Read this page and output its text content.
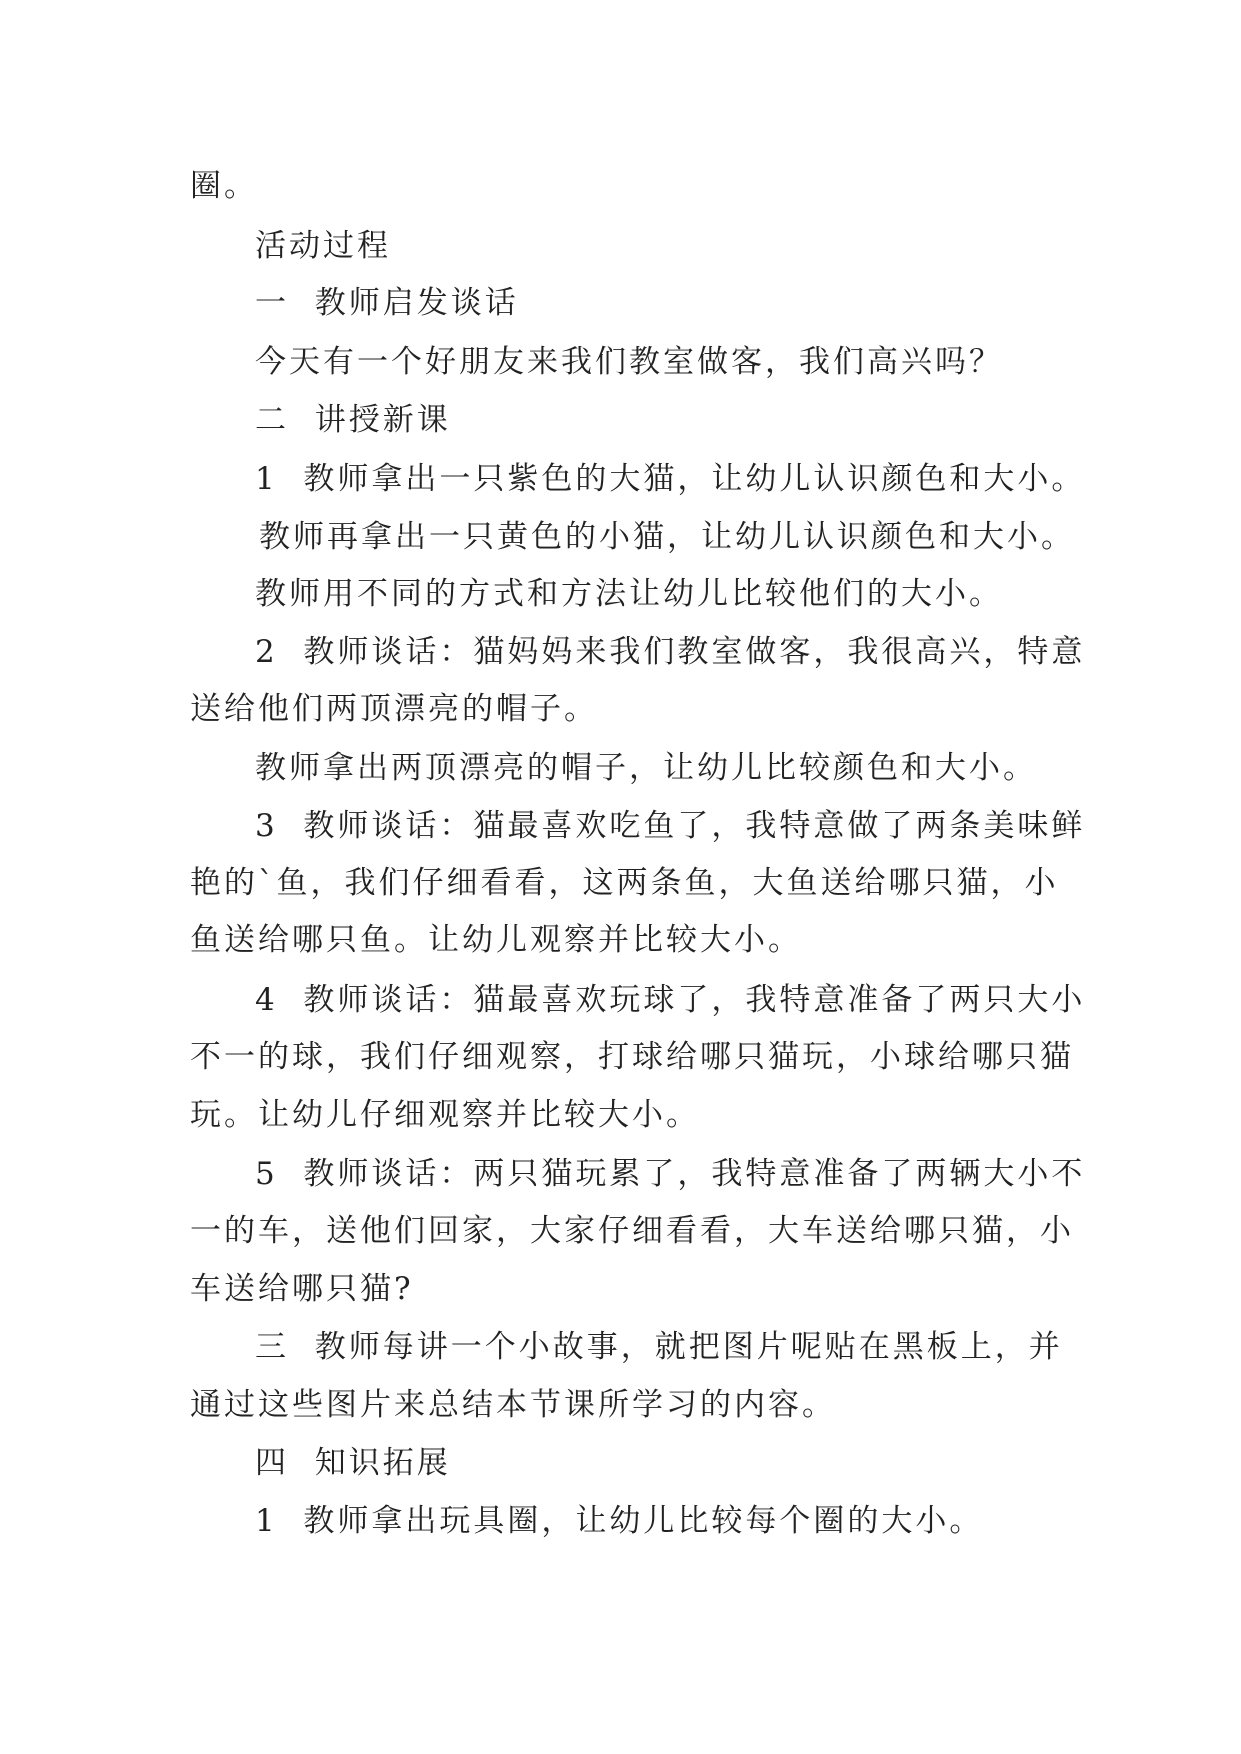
圈。
活动过程
一  教师启发谈话
今天有一个好朋友来我们教室做客，我们高兴吗？
二  讲授新课
1  教师拿出一只紫色的大猫，让幼儿认识颜色和大小。
教师再拿出一只黄色的小猫，让幼儿认识颜色和大小。
教师用不同的方式和方法让幼儿比较他们的大小。
2  教师谈话：猫妈妈来我们教室做客，我很高兴，特意
送给他们两顶漂亮的帽子。
教师拿出两顶漂亮的帽子，让幼儿比较颜色和大小。
3  教师谈话：猫最喜欢吃鱼了，我特意做了两条美味鲜
艳的`鱼，我们仔细看看，这两条鱼，大鱼送给哪只猫，小
鱼送给哪只鱼。让幼儿观察并比较大小。
4  教师谈话：猫最喜欢玩球了，我特意准备了两只大小
不一的球，我们仔细观察，打球给哪只猫玩，小球给哪只猫
玩。让幼儿仔细观察并比较大小。
5  教师谈话：两只猫玩累了，我特意准备了两辆大小不
一的车，送他们回家，大家仔细看看，大车送给哪只猫，小
车送给哪只猫?
三  教师每讲一个小故事，就把图片呢贴在黑板上，并
通过这些图片来总结本节课所学习的内容。
四  知识拓展
1  教师拿出玩具圈，让幼儿比较每个圈的大小。
